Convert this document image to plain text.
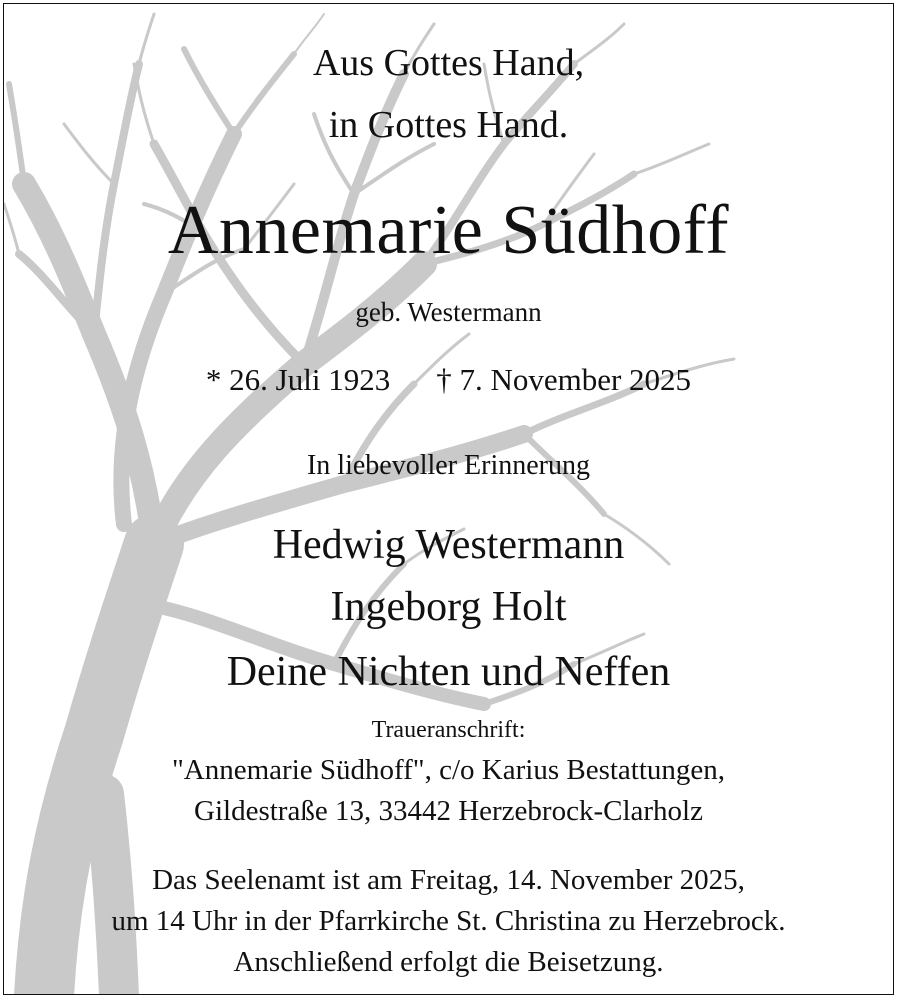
Aus Gottes Hand,
in Gottes Hand.
Annemarie Südhoff
geb. Westermann
* 26. Juli 1923 † 7. November 2025
In liebevoller Erinnerung
Hedwig Westermann
Ingeborg Holt
Deine Nichten und Neffen
Traueranschrift:
"Annemarie Südhoff", c/o Karius Bestattungen,
Gildestraße 13, 33442 Herzebrock-Clarholz
Das Seelenamt ist am Freitag, 14. November 2025,
um 14 Uhr in der Pfarrkirche St. Christina zu Herzebrock.
Anschließend erfolgt die Beisetzung.
